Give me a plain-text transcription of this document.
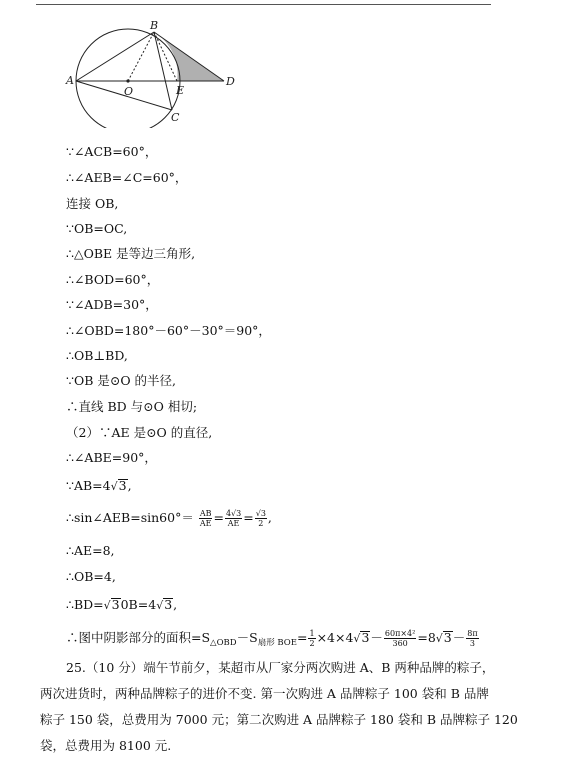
A
B
O	E
D
C
∵∠ACB=60°，
∴∠AEB=∠C=60°，
连接 OB,
∵OB=OC,
∴△OBE 是等边三角形,
∴∠BOD=60°，
∵∠ADB=30°，
∴∠OBD=180°－60°－30°＝90°，
∴OB⊥BD,
∵OB 是⊙O 的半径,
∴直线 BD 与⊙O 相切;
（2）∵AE 是⊙O 的直径,
∴∠ABE=90°，
∵AB=4√3,
∴sin∠AEB=sin60°＝ $\frac{AB}{AE} = \frac{4√3}{AE} = \frac{√3}{2}$ ,
∴AE=8,
∴OB=4,
∴BD=√30B=4√3,
∴图中阴影部分的面积$=S_{\triangle OBD}-S_{扇形 BOE}= \frac{1}{2} \times 4\times 4√3- \frac{\text{60π×4²}}{360} =8√3- \frac{8\pi}{3}$
25.（10 分）端午节前夕，某超市从厂家分两次购进 A、B 两种品牌的粽子，
两次进货时，两种品牌粽子的进价不变. 第一次购进 A 品牌粽子 100 袋和 B 品牌
粽子 150 袋，总费用为 7000 元；第二次购进 A 品牌粽子 180 袋和 B 品牌粽子 120
袋，总费用为 8100 元.
